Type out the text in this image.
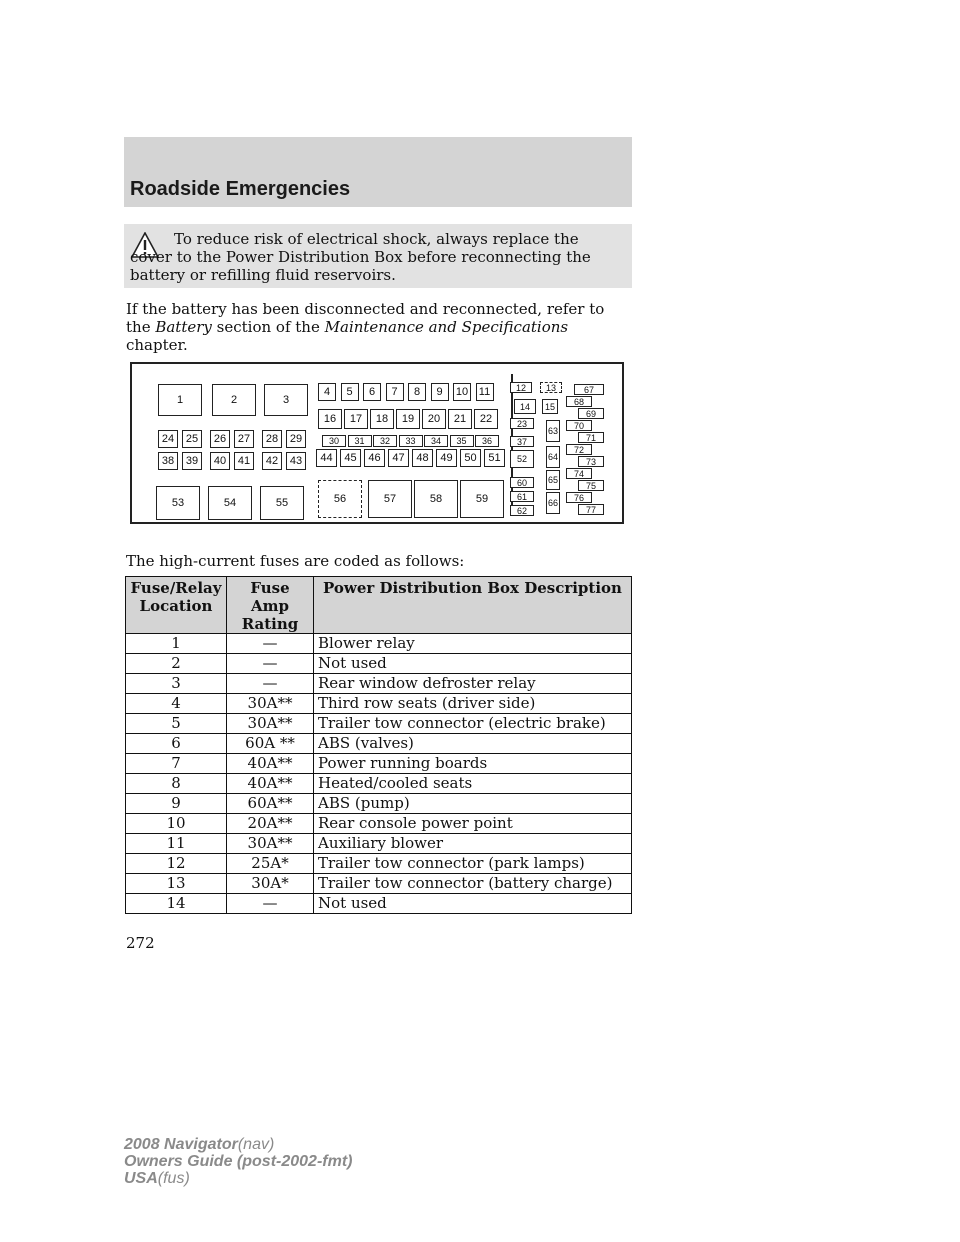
Roadside Emergencies
To reduce risk of electrical shock, always replace the cover to the Power Distribution Box before reconnecting the battery or refilling fluid reservoirs.
If the battery has been disconnected and reconnected, refer to the Battery section of the Maintenance and Specifications chapter.
1	2	3
4	5	6	7	8	9	10 11	12	13
14	15
16	17	18	19	20	21	22	23
24	25	26	27	28	29	30	31	32	33	34	35	36	37
38	39	40	41	42	43	44	45	46	47	48	49	50	51	52
53	54	55	56	57	58	59
60
61
62
63
64
65
66
67
68
69
70
71
72
73
74
75
76
77
The high-current fuses are coded as follows:
Fuse/Relay Location	Fuse Amp Rating	Power Distribution Box Description
1	—	Blower relay
2	—	Not used
3	—	Rear window defroster relay
4	30A**	Third row seats (driver side)
5	30A**	Trailer tow connector (electric brake)
6	60A **	ABS (valves)
7	40A**	Power running boards
8	40A**	Heated/cooled seats
9	60A**	ABS (pump)
10	20A**	Rear console power point
11	30A**	Auxiliary blower
12	25A*	Trailer tow connector (park lamps)
13	30A*	Trailer tow connector (battery charge)
14	—	Not used
272
2008 Navigator(nav)
Owners Guide (post-2002-fmt)
USA(fus)
